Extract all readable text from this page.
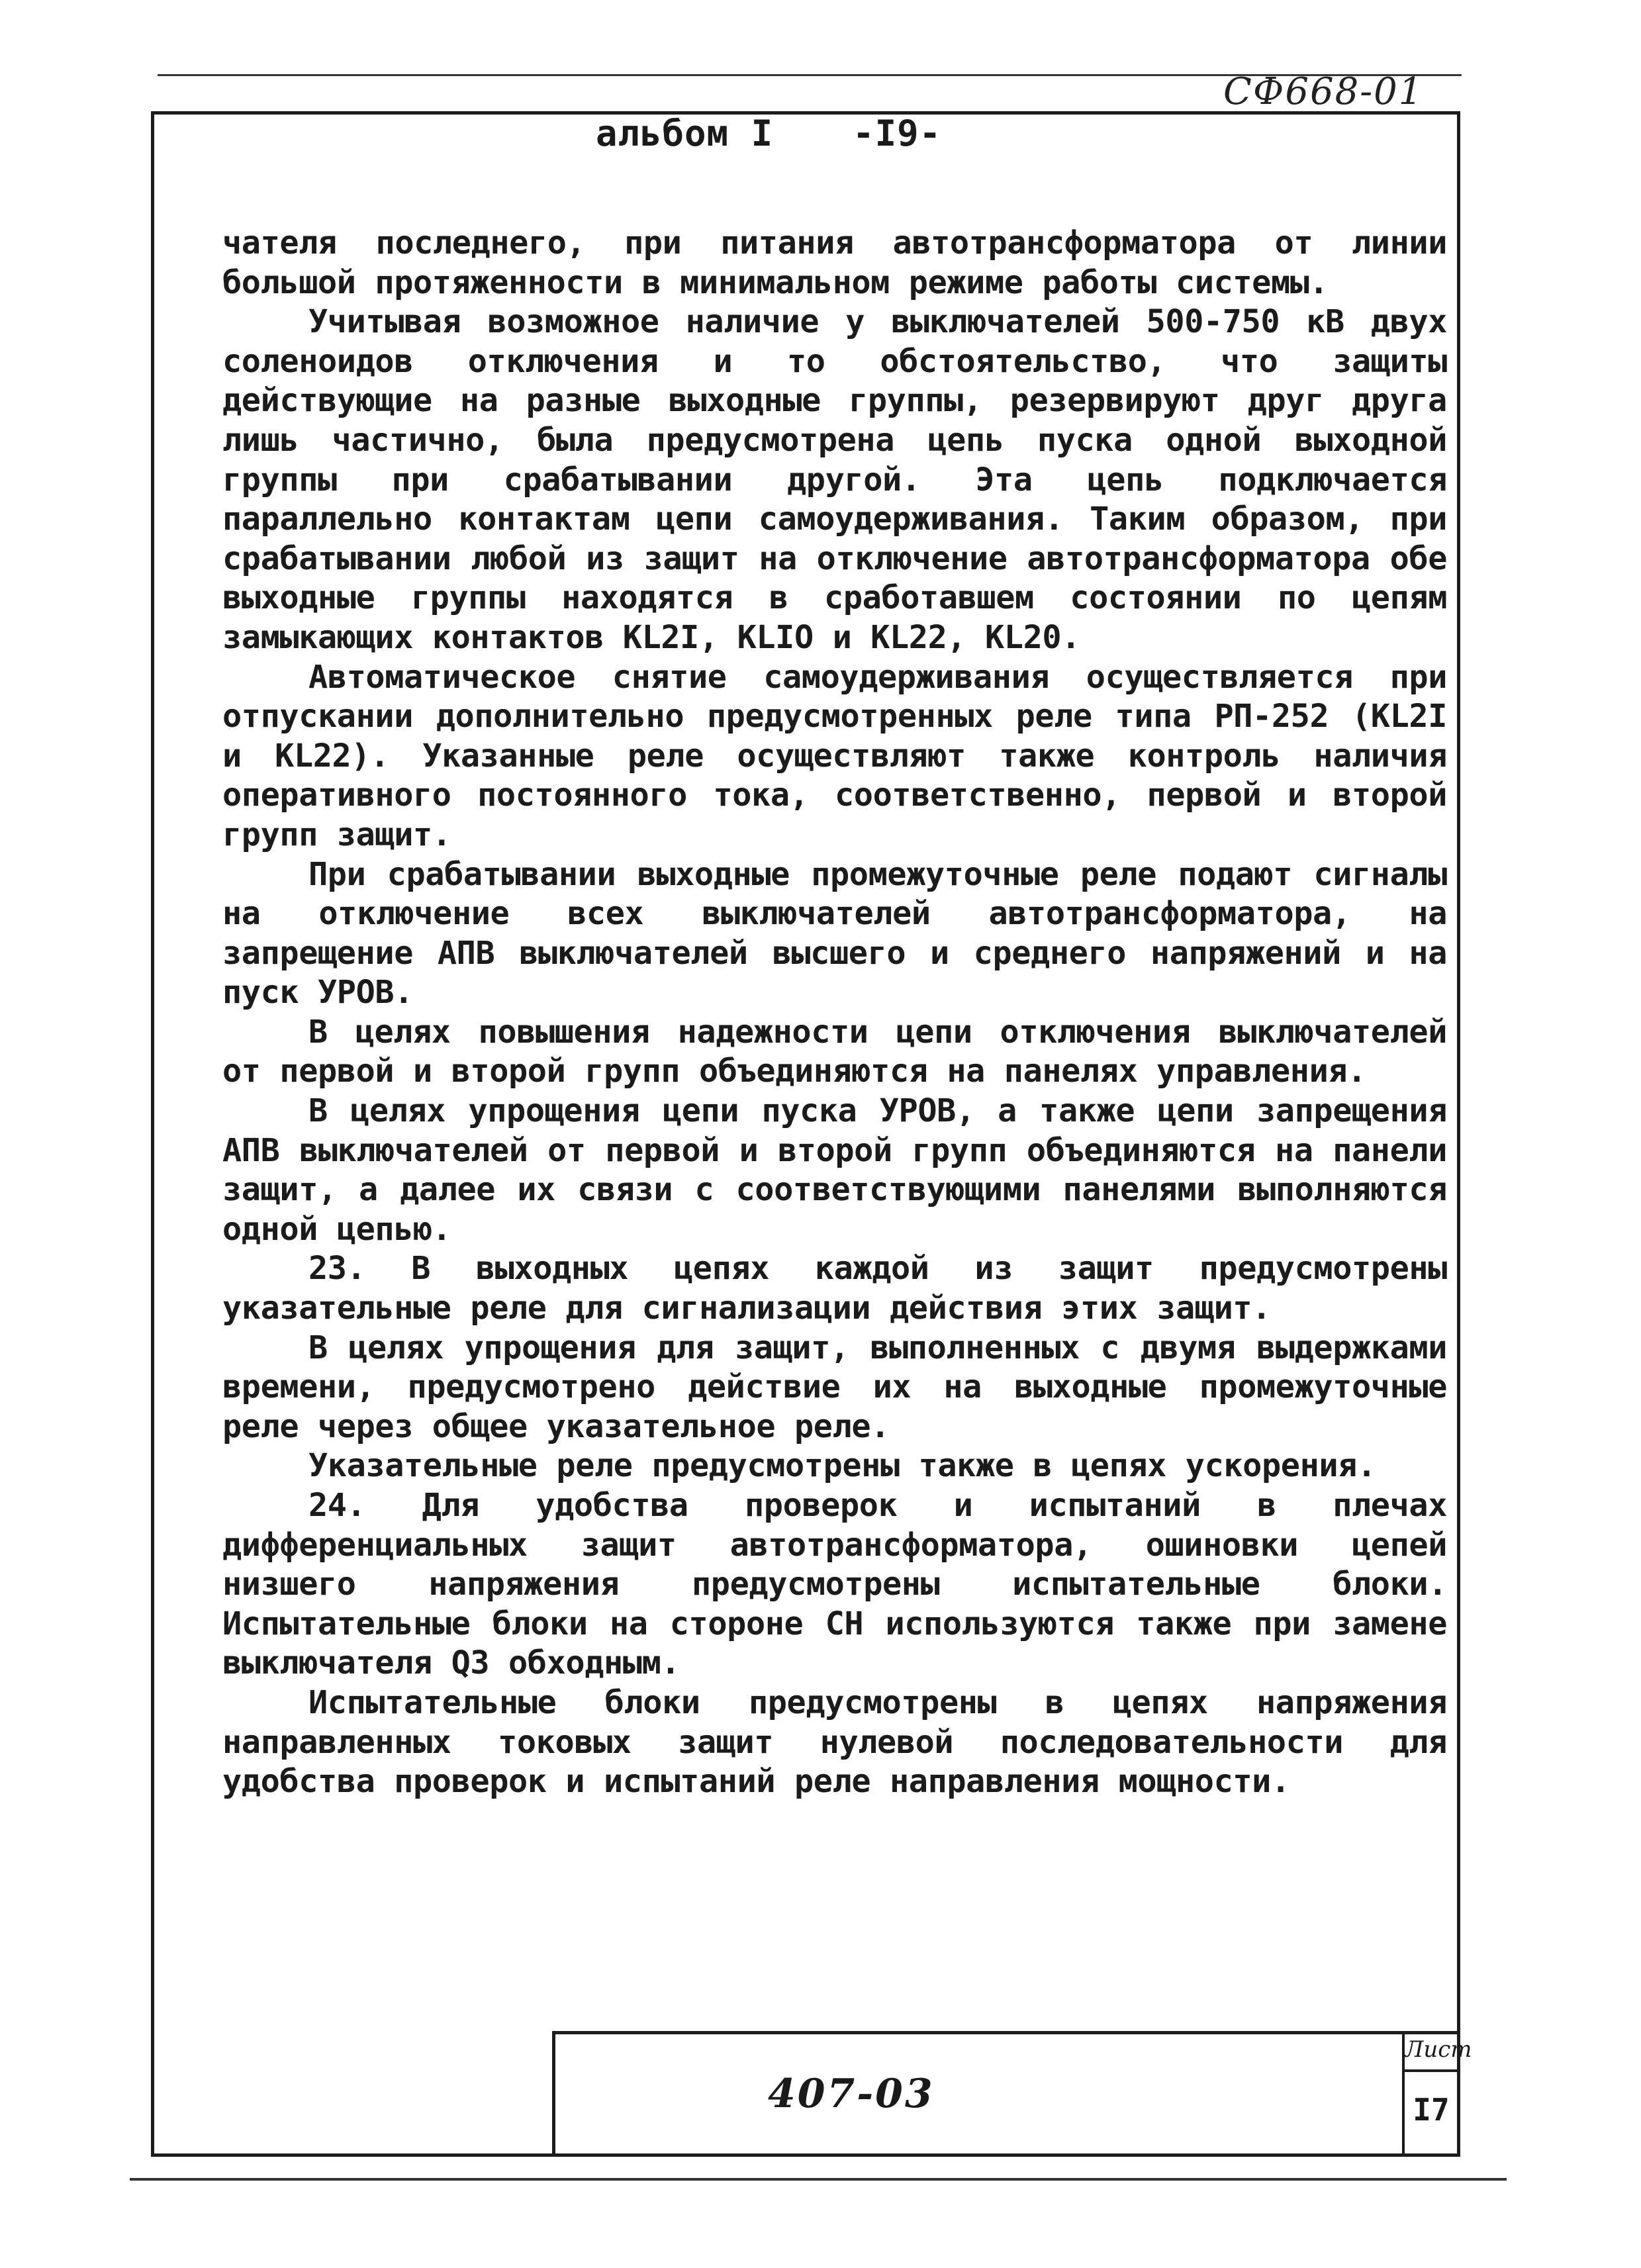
СФ668-01
альбом I -I9-

чателя последнего, при питания автотрансформатора от линии большой протяженности в минимальном режиме работы системы.

Учитывая возможное наличие у выключателей 500-750 кВ двух соленоидов отключения и то обстоятельство, что защиты действующие на разные выходные группы, резервируют друг друга лишь частично, была предусмотрена цепь пуска одной выходной группы при срабатывании другой. Эта цепь подключается параллельно контактам цепи самоудерживания. Таким образом, при срабатывании любой из защит на отключение автотрансформатора обе выходные группы находятся в сработавшем состоянии по цепям замыкающих контактов KL2I, KLIO и KL22, KL20.

Автоматическое снятие самоудерживания осуществляется при отпускании дополнительно предусмотренных реле типа РП-252 (KL2I и KL22). Указанные реле осуществляют также контроль наличия оперативного постоянного тока, соответственно, первой и второй групп защит.

При срабатывании выходные промежуточные реле подают сигналы на отключение всех выключателей автотрансформатора, на запрещение АПВ выключателей высшего и среднего напряжений и на пуск УРОВ.

В целях повышения надежности цепи отключения выключателей от первой и второй групп объединяются на панелях управления.

В целях упрощения цепи пуска УРОВ, а также цепи запрещения АПВ выключателей от первой и второй групп объединяются на панели защит, а далее их связи с соответствующими панелями выполняются одной цепью.

23. В выходных цепях каждой из защит предусмотрены указательные реле для сигнализации действия этих защит.

В целях упрощения для защит, выполненных с двумя выдержками времени, предусмотрено действие их на выходные промежуточные реле через общее указательное реле.

Указательные реле предусмотрены также в цепях ускорения.

24. Для удобства проверок и испытаний в плечах дифференциальных защит автотрансформатора, ошиновки цепей низшего напряжения предусмотрены испытательные блоки. Испытательные блоки на стороне СН используются также при замене выключателя Q3 обходным.

Испытательные блоки предусмотрены в цепях напряжения направленных токовых защит нулевой последовательности для удобства проверок и испытаний реле направления мощности.

407-03
Лист
I7
